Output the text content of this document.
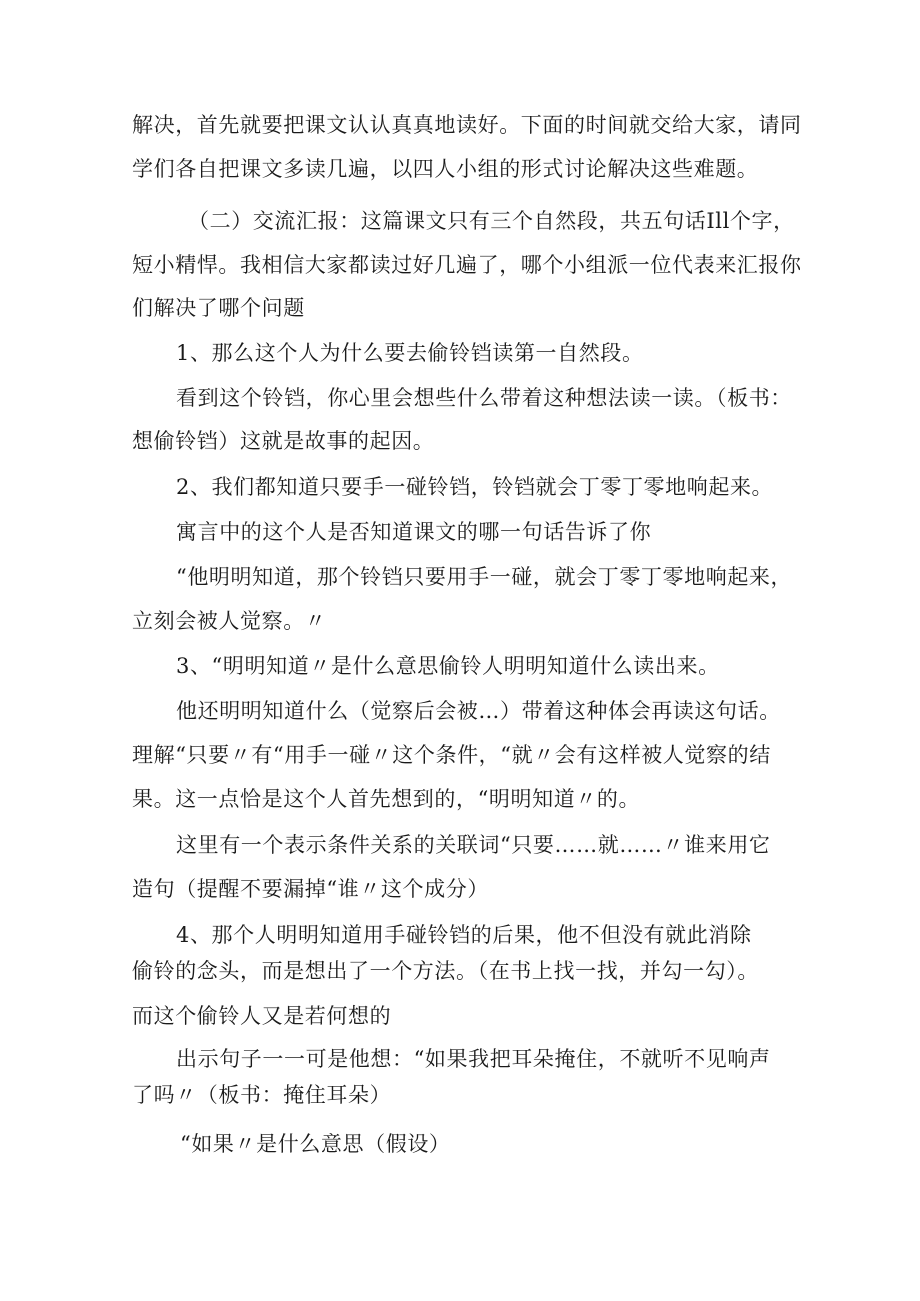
解决，首先就要把课文认认真真地读好。下面的时间就交给大家，请同
学们各自把课文多读几遍，以四人小组的形式讨论解决这些难题。
（二）交流汇报：这篇课文只有三个自然段，共五句话Ill个字，
短小精悍。我相信大家都读过好几遍了，哪个小组派一位代表来汇报你
们解决了哪个问题
1、那么这个人为什么要去偷铃铛读第一自然段。
看到这个铃铛，你心里会想些什么带着这种想法读一读。（板书：
想偷铃铛）这就是故事的起因。
2、我们都知道只要手一碰铃铛，铃铛就会丁零丁零地响起来。
寓言中的这个人是否知道课文的哪一句话告诉了你
“他明明知道，那个铃铛只要用手一碰，就会丁零丁零地响起来，
立刻会被人觉察。〃
3、“明明知道〃是什么意思偷铃人明明知道什么读出来。
他还明明知道什么（觉察后会被…）带着这种体会再读这句话。
理解“只要〃有“用手一碰〃这个条件，“就〃会有这样被人觉察的结
果。这一点恰是这个人首先想到的，“明明知道〃的。
这里有一个表示条件关系的关联词“只要……就……〃谁来用它
造句（提醒不要漏掉“谁〃这个成分）
4、那个人明明知道用手碰铃铛的后果，他不但没有就此消除
偷铃的念头，而是想出了一个方法。（在书上找一找，并勾一勾）。
而这个偷铃人又是若何想的
出示句子一一可是他想：“如果我把耳朵掩住，不就听不见响声
了吗〃（板书：掩住耳朵）
“如果〃是什么意思（假设）
